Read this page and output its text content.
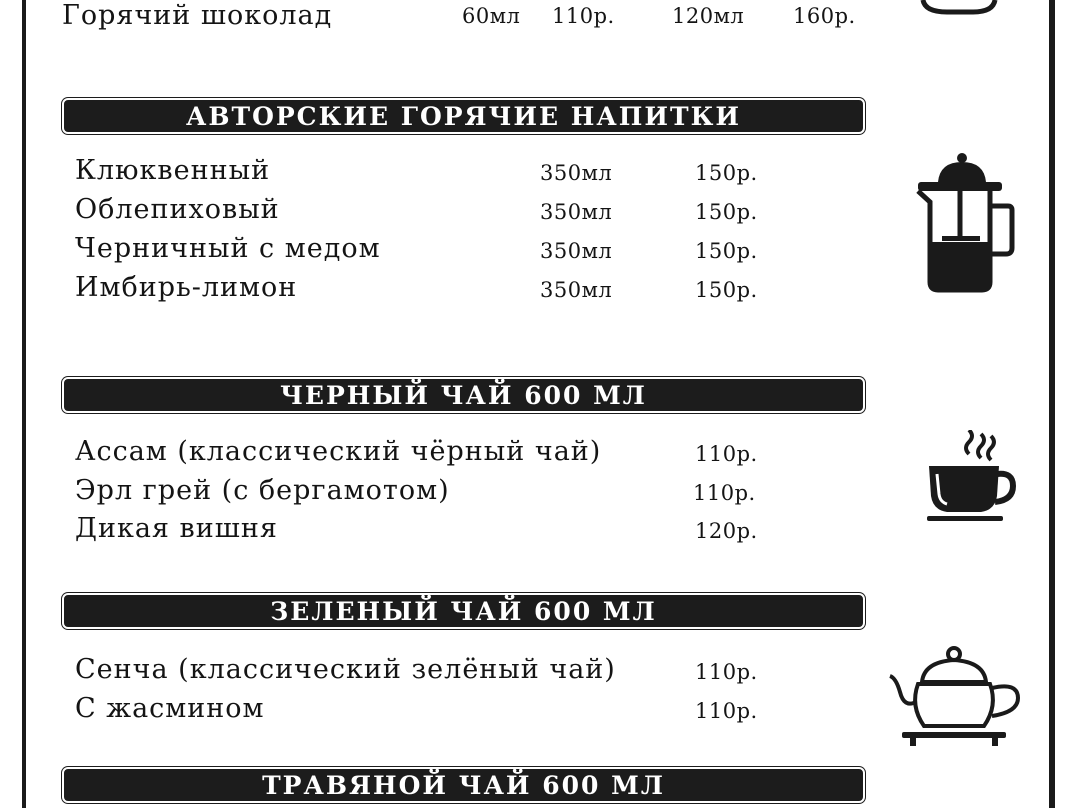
Горячий шоколад	60мл 110р.	120мл 160р.
АВТОРСКИЕ ГОРЯЧИЕ НАПИТКИ
Клюквенный	350мл	150р.
Облепиховый	350мл	150р.
Черничный с медом	350мл	150р.
Имбирь-лимон	350мл	150р.
ЧЕРНЫЙ ЧАЙ 600 МЛ
Ассам (классический чёрный чай)	110р.
Эрл грей (с бергамотом)	110р.
Дикая вишня	120р.
ЗЕЛЕНЫЙ ЧАЙ 600 МЛ
Сенча (классический зелёный чай)	110р.
С жасмином	110р.
ТРАВЯНОЙ ЧАЙ 600 МЛ
